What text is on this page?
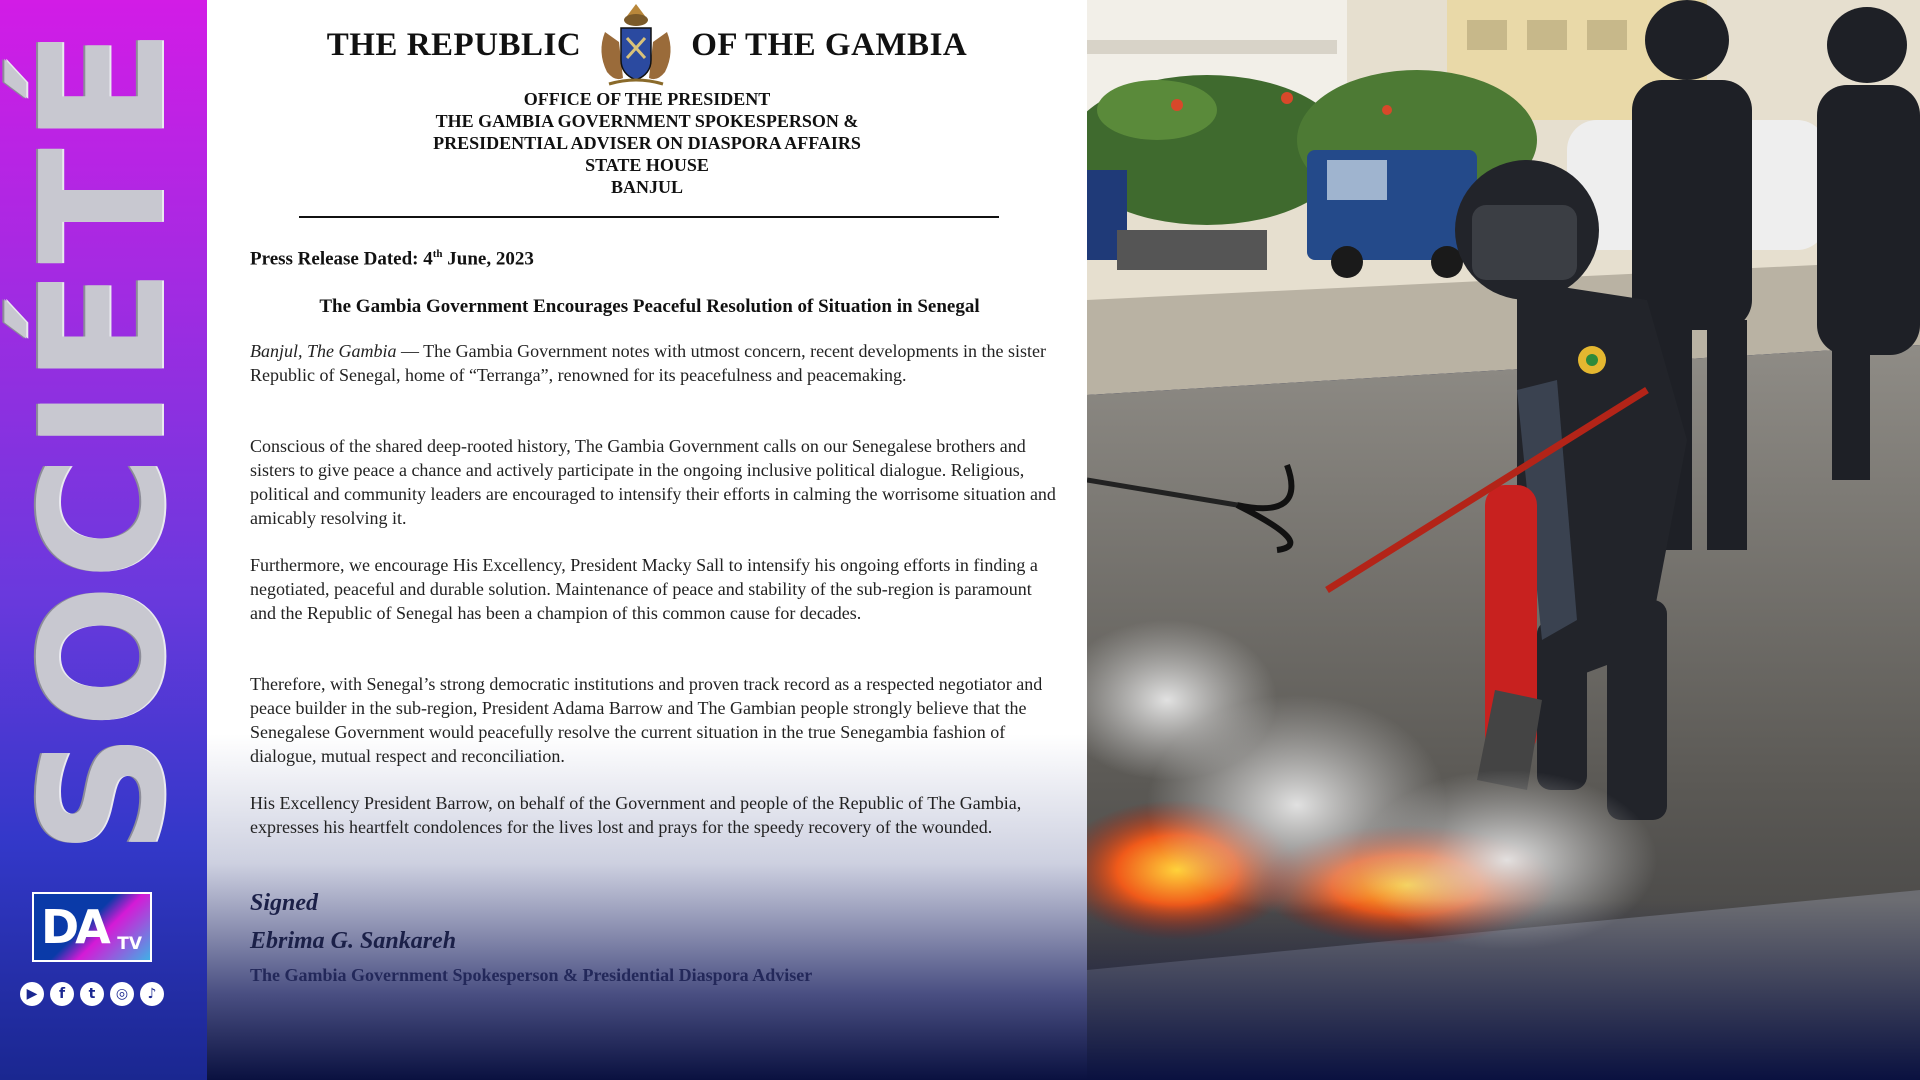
SOCIÉTÉ
DA TV
▶	f	t	◎	♪
THE REPUBLIC	OF THE GAMBIA
OFFICE OF THE PRESIDENT
THE GAMBIA GOVERNMENT SPOKESPERSON &
PRESIDENTIAL ADVISER ON DIASPORA AFFAIRS
STATE HOUSE
BANJUL
Press Release Dated: 4th June, 2023
The Gambia Government Encourages Peaceful Resolution of Situation in Senegal

Banjul, The Gambia — The Gambia Government notes with utmost concern, recent developments in the sister Republic of Senegal, home of “Terranga”, renowned for its peacefulness and peacemaking.

Conscious of the shared deep-rooted history, The Gambia Government calls on our Senegalese brothers and sisters to give peace a chance and actively participate in the ongoing inclusive political dialogue. Religious, political and community leaders are encouraged to intensify their efforts in calming the worrisome situation and amicably resolving it.

Furthermore, we encourage His Excellency, President Macky Sall to intensify his ongoing efforts in finding a negotiated, peaceful and durable solution. Maintenance of peace and stability of the sub-region is paramount and the Republic of Senegal has been a champion of this common cause for decades.

Therefore, with Senegal’s strong democratic institutions and proven track record as a respected negotiator and peace builder in the sub-region, President Adama Barrow and The Gambian people strongly believe that the Senegalese Government would peacefully resolve the current situation in the true Senegambia fashion of dialogue, mutual respect and reconciliation.

His Excellency President Barrow, on behalf of the Government and people of the Republic of The Gambia, expresses his heartfelt condolences for the lives lost and prays for the speedy recovery of the wounded.

Signed
Ebrima G. Sankareh
The Gambia Government Spokesperson & Presidential Diaspora Adviser
